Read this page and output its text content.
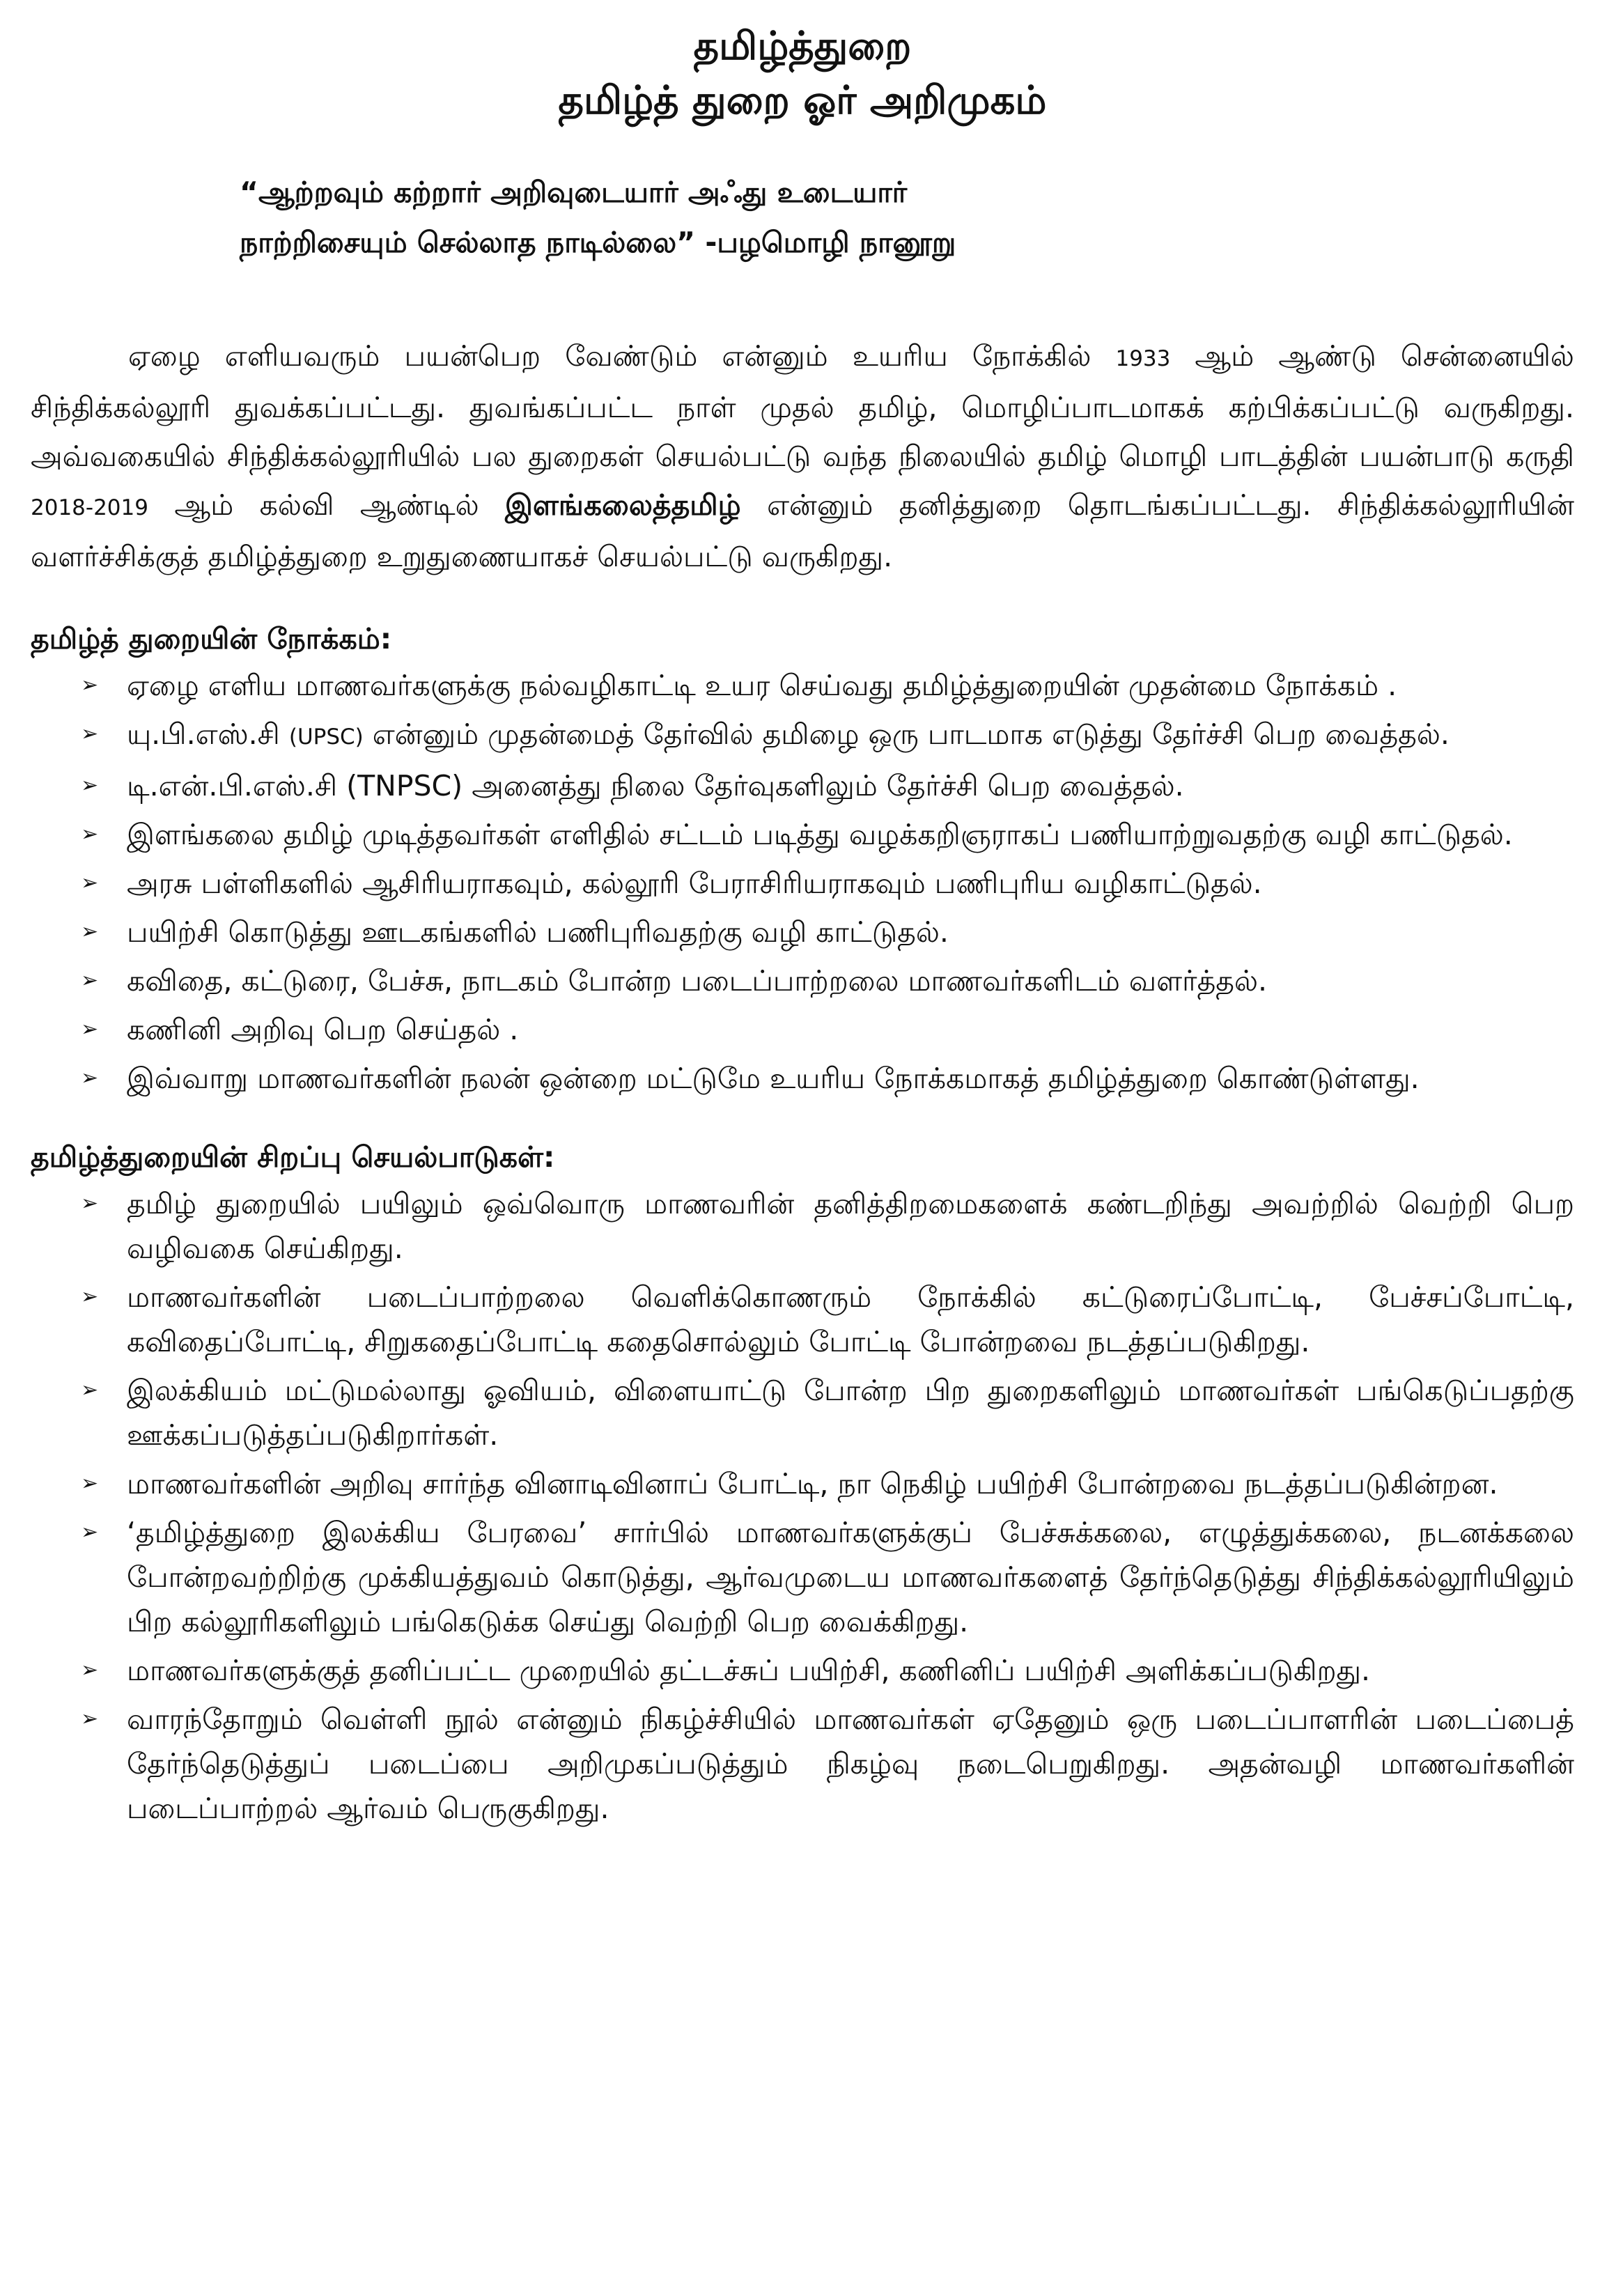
தமிழ்த்துறை
தமிழ்த் துறை ஓர் அறிமுகம்
“ஆற்றவும் கற்றார் அறிவுடையார் அஃது உடையார்
நாற்றிசையும் செல்லாத நாடில்லை” -பழமொழி நானூறு
ஏழை எளியவரும் பயன்பெற வேண்டும் என்னும் உயரிய நோக்கில் 1933 ஆம் ஆண்டு சென்னையில் சிந்திக்கல்லூரி துவக்கப்பட்டது. துவங்கப்பட்ட நாள் முதல் தமிழ், மொழிப்பாடமாகக் கற்பிக்கப்பட்டு வருகிறது. அவ்வகையில் சிந்திக்கல்லூரியில் பல துறைகள் செயல்பட்டு வந்த நிலையில் தமிழ் மொழி பாடத்தின் பயன்பாடு கருதி 2018-2019 ஆம் கல்வி ஆண்டில் இளங்கலைத்தமிழ் என்னும் தனித்துறை தொடங்கப்பட்டது. சிந்திக்கல்லூரியின் வளர்ச்சிக்குத் தமிழ்த்துறை உறுதுணையாகச் செயல்பட்டு வருகிறது.
தமிழ்த் துறையின் நோக்கம்:
➢ ஏழை எளிய மாணவர்களுக்கு நல்வழிகாட்டி உயர செய்வது தமிழ்த்துறையின் முதன்மை நோக்கம் .
➢ யு.பி.எஸ்.சி (UPSC) என்னும் முதன்மைத் தேர்வில் தமிழை ஒரு பாடமாக எடுத்து தேர்ச்சி பெற வைத்தல்.
➢ டி.என்.பி.எஸ்.சி (TNPSC) அனைத்து நிலை தேர்வுகளிலும் தேர்ச்சி பெற வைத்தல்.
➢ இளங்கலை தமிழ் முடித்தவர்கள் எளிதில் சட்டம் படித்து வழக்கறிஞராகப் பணியாற்றுவதற்கு வழி காட்டுதல்.
➢ அரசு பள்ளிகளில் ஆசிரியராகவும், கல்லூரி பேராசிரியராகவும் பணிபுரிய வழிகாட்டுதல்.
➢ பயிற்சி கொடுத்து ஊடகங்களில் பணிபுரிவதற்கு வழி காட்டுதல்.
➢ கவிதை, கட்டுரை, பேச்சு, நாடகம் போன்ற படைப்பாற்றலை மாணவர்களிடம் வளர்த்தல்.
➢ கணினி அறிவு பெற செய்தல் .
➢ இவ்வாறு மாணவர்களின் நலன் ஒன்றை மட்டுமே உயரிய நோக்கமாகத் தமிழ்த்துறை கொண்டுள்ளது.
தமிழ்த்துறையின் சிறப்பு செயல்பாடுகள்:
➢ தமிழ் துறையில் பயிலும் ஒவ்வொரு மாணவரின் தனித்திறமைகளைக் கண்டறிந்து அவற்றில் வெற்றி பெற வழிவகை செய்கிறது.
➢ மாணவர்களின் படைப்பாற்றலை வெளிக்கொணரும் நோக்கில் கட்டுரைப்போட்டி, பேச்சப்போட்டி, கவிதைப்போட்டி, சிறுகதைப்போட்டி கதைசொல்லும் போட்டி போன்றவை நடத்தப்படுகிறது.
➢ இலக்கியம் மட்டுமல்லாது ஓவியம், விளையாட்டு போன்ற பிற துறைகளிலும் மாணவர்கள் பங்கெடுப்பதற்கு ஊக்கப்படுத்தப்படுகிறார்கள்.
➢ மாணவர்களின் அறிவு சார்ந்த வினாடிவினாப் போட்டி, நா நெகிழ் பயிற்சி போன்றவை நடத்தப்படுகின்றன.
➢ ‘தமிழ்த்துறை இலக்கிய பேரவை’ சார்பில் மாணவர்களுக்குப் பேச்சுக்கலை, எழுத்துக்கலை, நடனக்கலை போன்றவற்றிற்கு முக்கியத்துவம் கொடுத்து, ஆர்வமுடைய மாணவர்களைத் தேர்ந்தெடுத்து சிந்திக்கல்லூரியிலும் பிற கல்லூரிகளிலும் பங்கெடுக்க செய்து வெற்றி பெற வைக்கிறது.
➢ மாணவர்களுக்குத் தனிப்பட்ட முறையில் தட்டச்சுப் பயிற்சி, கணினிப் பயிற்சி அளிக்கப்படுகிறது.
➢ வாரந்தோறும் வெள்ளி நூல் என்னும் நிகழ்ச்சியில் மாணவர்கள் ஏதேனும் ஒரு படைப்பாளரின் படைப்பைத் தேர்ந்தெடுத்துப் படைப்பை அறிமுகப்படுத்தும் நிகழ்வு நடைபெறுகிறது. அதன்வழி மாணவர்களின் படைப்பாற்றல் ஆர்வம் பெருகுகிறது.
